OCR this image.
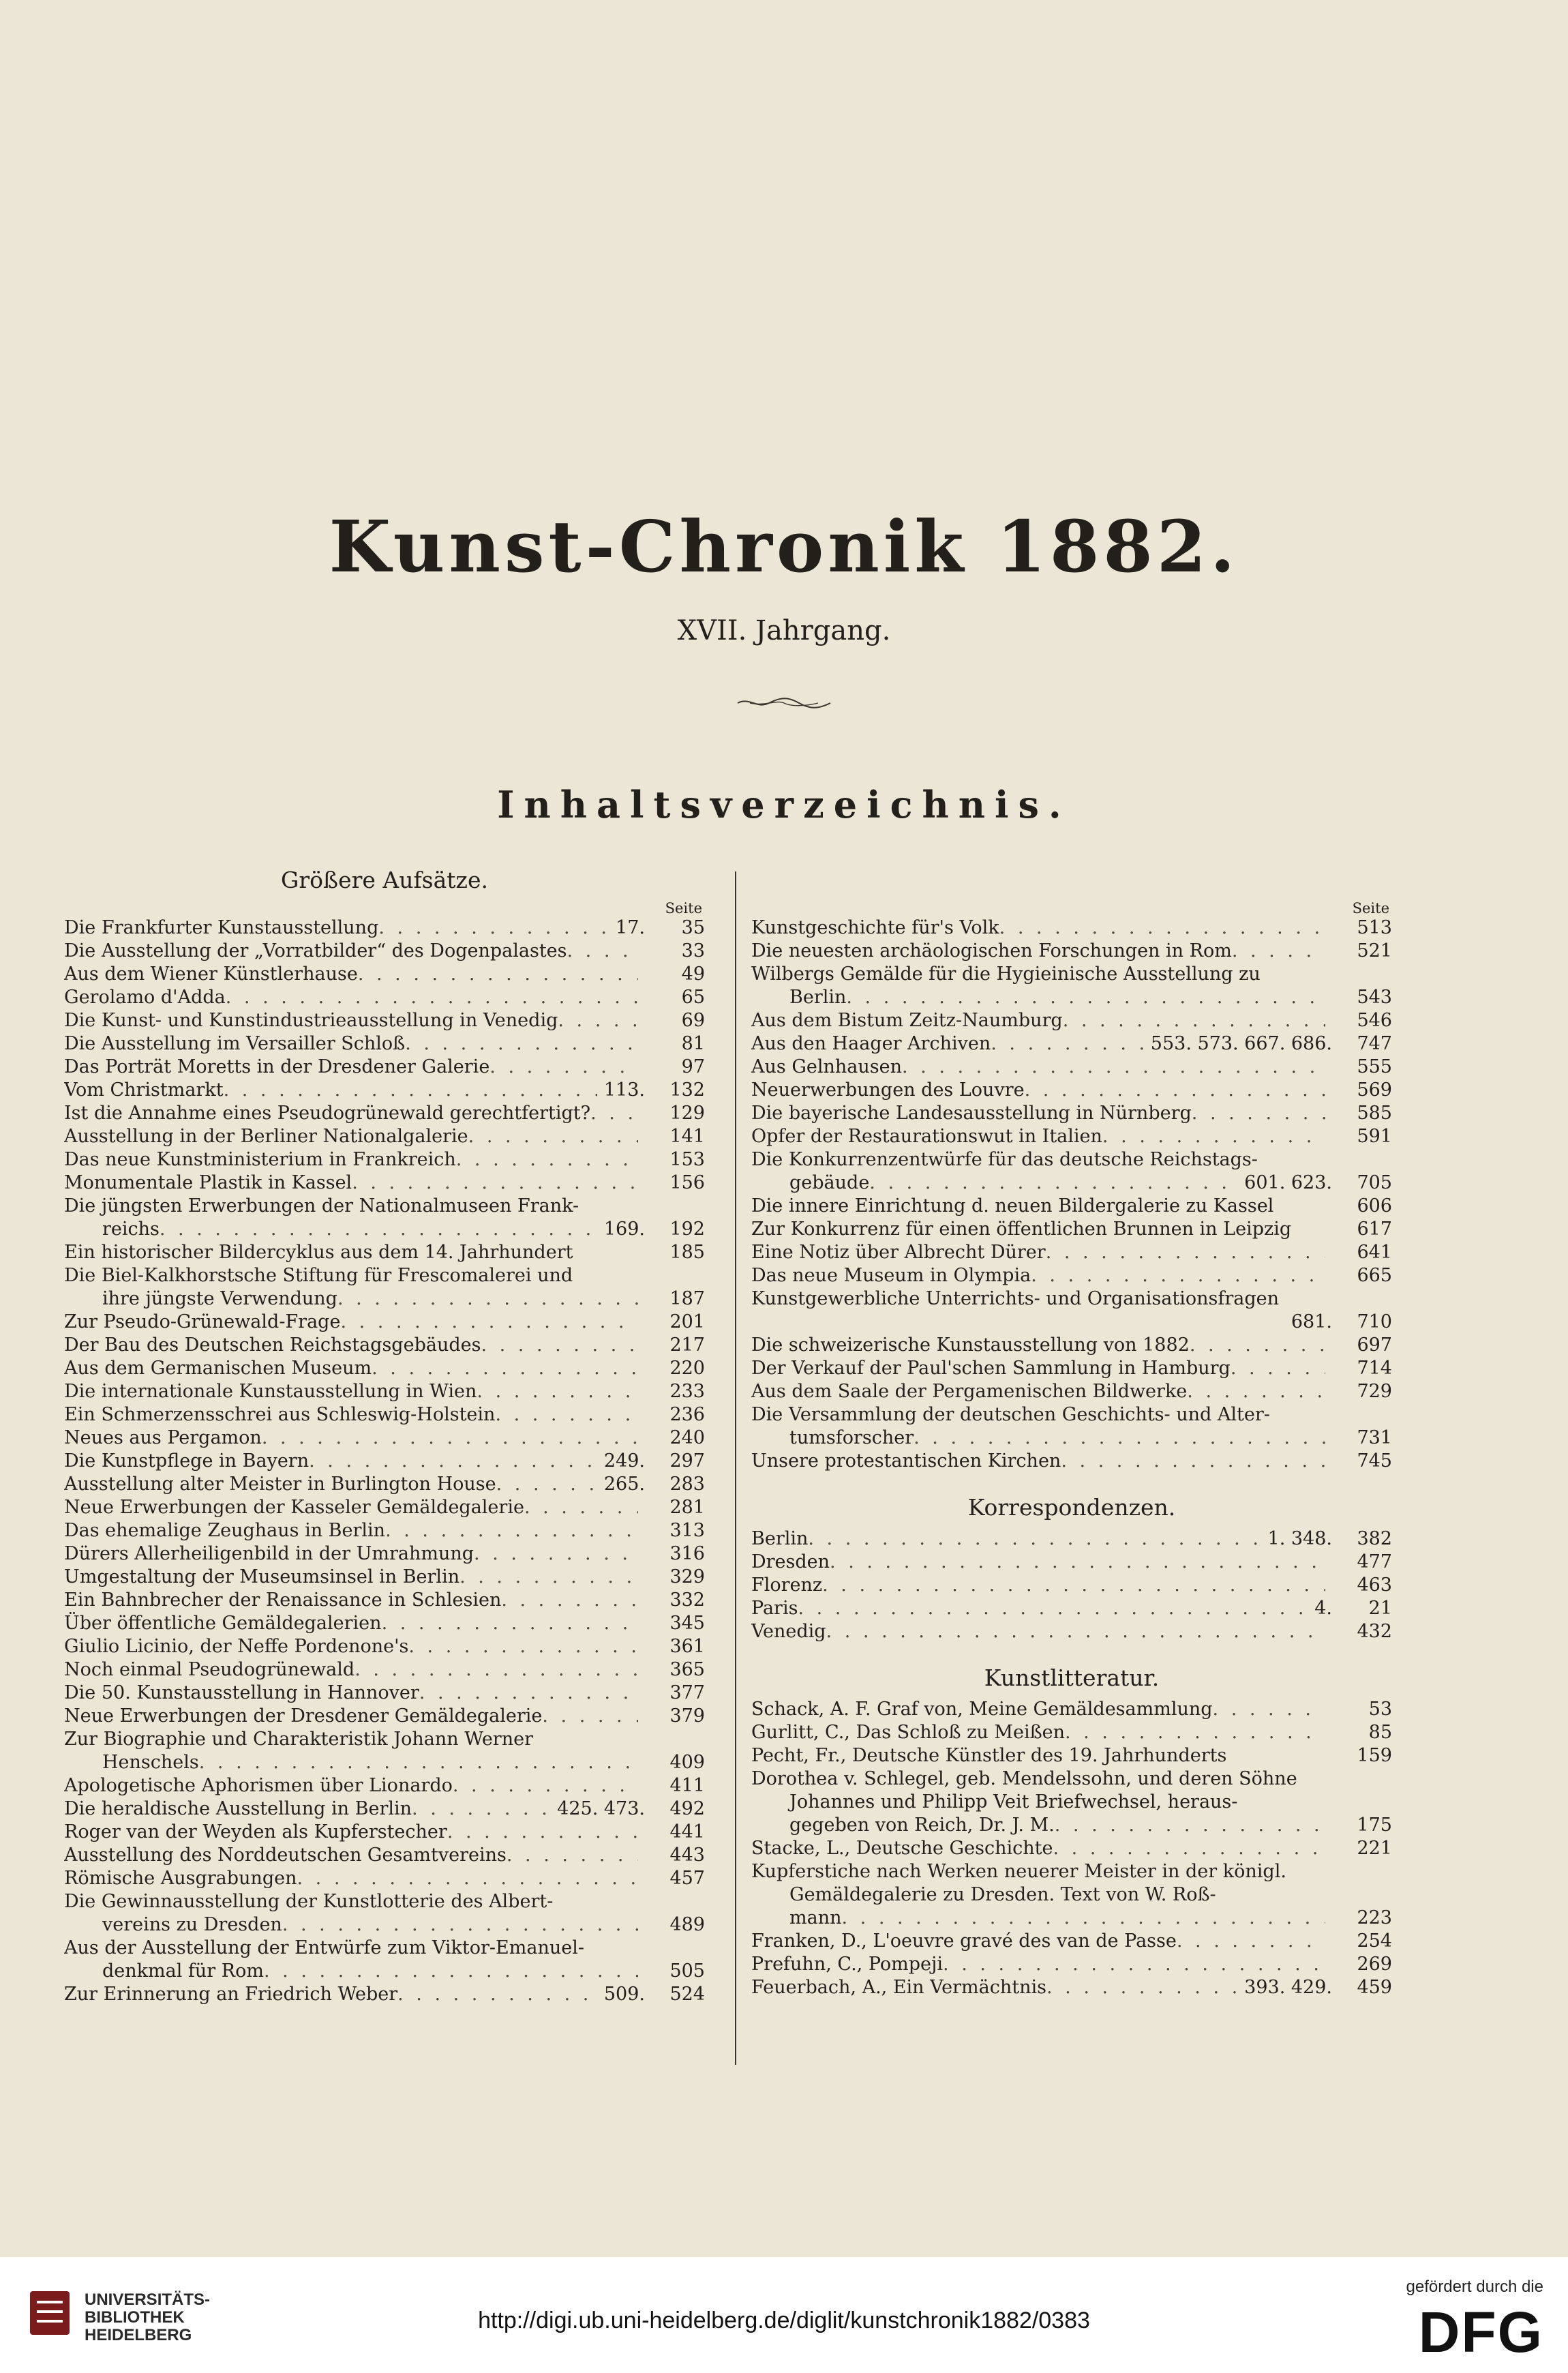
Kunst-Chronik 1882.
XVII. Jahrgang.
Inhaltsverzeichnis.
Größere Aufsätze.
Seite
Die Frankfurter Kunstausstellung . . .	17.	35
Die Ausstellung der „Vorratbilder“ des Dogenpalastes . . .	33
Aus dem Wiener Künstlerhause . . .	49
Gerolamo d'Adda . . .	65
Die Kunst- und Kunstindustrieausstellung in Venedig . . .	69
Die Ausstellung im Versailler Schloß . . .	81
Das Porträt Moretts in der Dresdener Galerie . . .	97
Vom Christmarkt . . .	113.	132
Ist die Annahme eines Pseudogrünewald gerechtfertigt? . . .	129
Ausstellung in der Berliner Nationalgalerie . . .	141
Das neue Kunstministerium in Frankreich . . .	153
Monumentale Plastik in Kassel . . .	156
Die jüngsten Erwerbungen der Nationalmuseen Frank-
reichs . . .	169.	192
Ein historischer Bildercyklus aus dem 14. Jahrhundert	185
Die Biel-Kalkhorstsche Stiftung für Frescomalerei und
ihre jüngste Verwendung . . .	187
Zur Pseudo-Grünewald-Frage . . .	201
Der Bau des Deutschen Reichstagsgebäudes . . .	217
Aus dem Germanischen Museum . . .	220
Die internationale Kunstausstellung in Wien . . .	233
Ein Schmerzensschrei aus Schleswig-Holstein . . .	236
Neues aus Pergamon . . .	240
Die Kunstpflege in Bayern . . .	249.	297
Ausstellung alter Meister in Burlington House . . .	265.	283
Neue Erwerbungen der Kasseler Gemäldegalerie . . .	281
Das ehemalige Zeughaus in Berlin . . .	313
Dürers Allerheiligenbild in der Umrahmung . . .	316
Umgestaltung der Museumsinsel in Berlin . . .	329
Ein Bahnbrecher der Renaissance in Schlesien . . .	332
Über öffentliche Gemäldegalerien . . .	345
Giulio Licinio, der Neffe Pordenone's . . .	361
Noch einmal Pseudogrünewald . . .	365
Die 50. Kunstausstellung in Hannover . . .	377
Neue Erwerbungen der Dresdener Gemäldegalerie . . .	379
Zur Biographie und Charakteristik Johann Werner
Henschels . . .	409
Apologetische Aphorismen über Lionardo . . .	411
Die heraldische Ausstellung in Berlin . . .	425. 473.	492
Roger van der Weyden als Kupferstecher . . .	441
Ausstellung des Norddeutschen Gesamtvereins . . .	443
Römische Ausgrabungen . . .	457
Die Gewinnausstellung der Kunstlotterie des Albert-
vereins zu Dresden . . .	489
Aus der Ausstellung der Entwürfe zum Viktor-Emanuel-
denkmal für Rom . . .	505
Zur Erinnerung an Friedrich Weber . . .	509.	524
Seite
Kunstgeschichte für's Volk . . .	513
Die neuesten archäologischen Forschungen in Rom . . .	521
Wilbergs Gemälde für die Hygieinische Ausstellung zu
Berlin . . .	543
Aus dem Bistum Zeitz-Naumburg . . .	546
Aus den Haager Archiven . . .	553. 573. 667. 686.	747
Aus Gelnhausen . . .	555
Neuerwerbungen des Louvre . . .	569
Die bayerische Landesausstellung in Nürnberg . . .	585
Opfer der Restaurationswut in Italien . . .	591
Die Konkurrenzentwürfe für das deutsche Reichstags-
gebäude . . .	601. 623.	705
Die innere Einrichtung d. neuen Bildergalerie zu Kassel	606
Zur Konkurrenz für einen öffentlichen Brunnen in Leipzig	617
Eine Notiz über Albrecht Dürer . . .	641
Das neue Museum in Olympia . . .	665
Kunstgewerbliche Unterrichts- und Organisationsfragen
681.	710
Die schweizerische Kunstausstellung von 1882 . . .	697
Der Verkauf der Paul'schen Sammlung in Hamburg . . .	714
Aus dem Saale der Pergamenischen Bildwerke . . .	729
Die Versammlung der deutschen Geschichts- und Alter-
tumsforscher . . .	731
Unsere protestantischen Kirchen . . .	745
Korrespondenzen.
Berlin . . .	1. 348.	382
Dresden . . .	477
Florenz . . .	463
Paris . . .	4.	21
Venedig . . .	432
Kunstlitteratur.
Schack, A. F. Graf von, Meine Gemäldesammlung . . .	53
Gurlitt, C., Das Schloß zu Meißen . . .	85
Pecht, Fr., Deutsche Künstler des 19. Jahrhunderts	159
Dorothea v. Schlegel, geb. Mendelssohn, und deren Söhne
Johannes und Philipp Veit Briefwechsel, heraus-
gegeben von Reich, Dr. J. M. . . .	175
Stacke, L., Deutsche Geschichte . . .	221
Kupferstiche nach Werken neuerer Meister in der königl.
Gemäldegalerie zu Dresden. Text von W. Roß-
mann . . .	223
Franken, D., L'oeuvre gravé des van de Passe . . .	254
Prefuhn, C., Pompeji . . .	269
Feuerbach, A., Ein Vermächtnis . . .	393. 429.	459
UNIVERSITÄTS-
BIBLIOTHEK
HEIDELBERG
http://digi.ub.uni-heidelberg.de/diglit/kunstchronik1882/0383
gefördert durch die
DFG
